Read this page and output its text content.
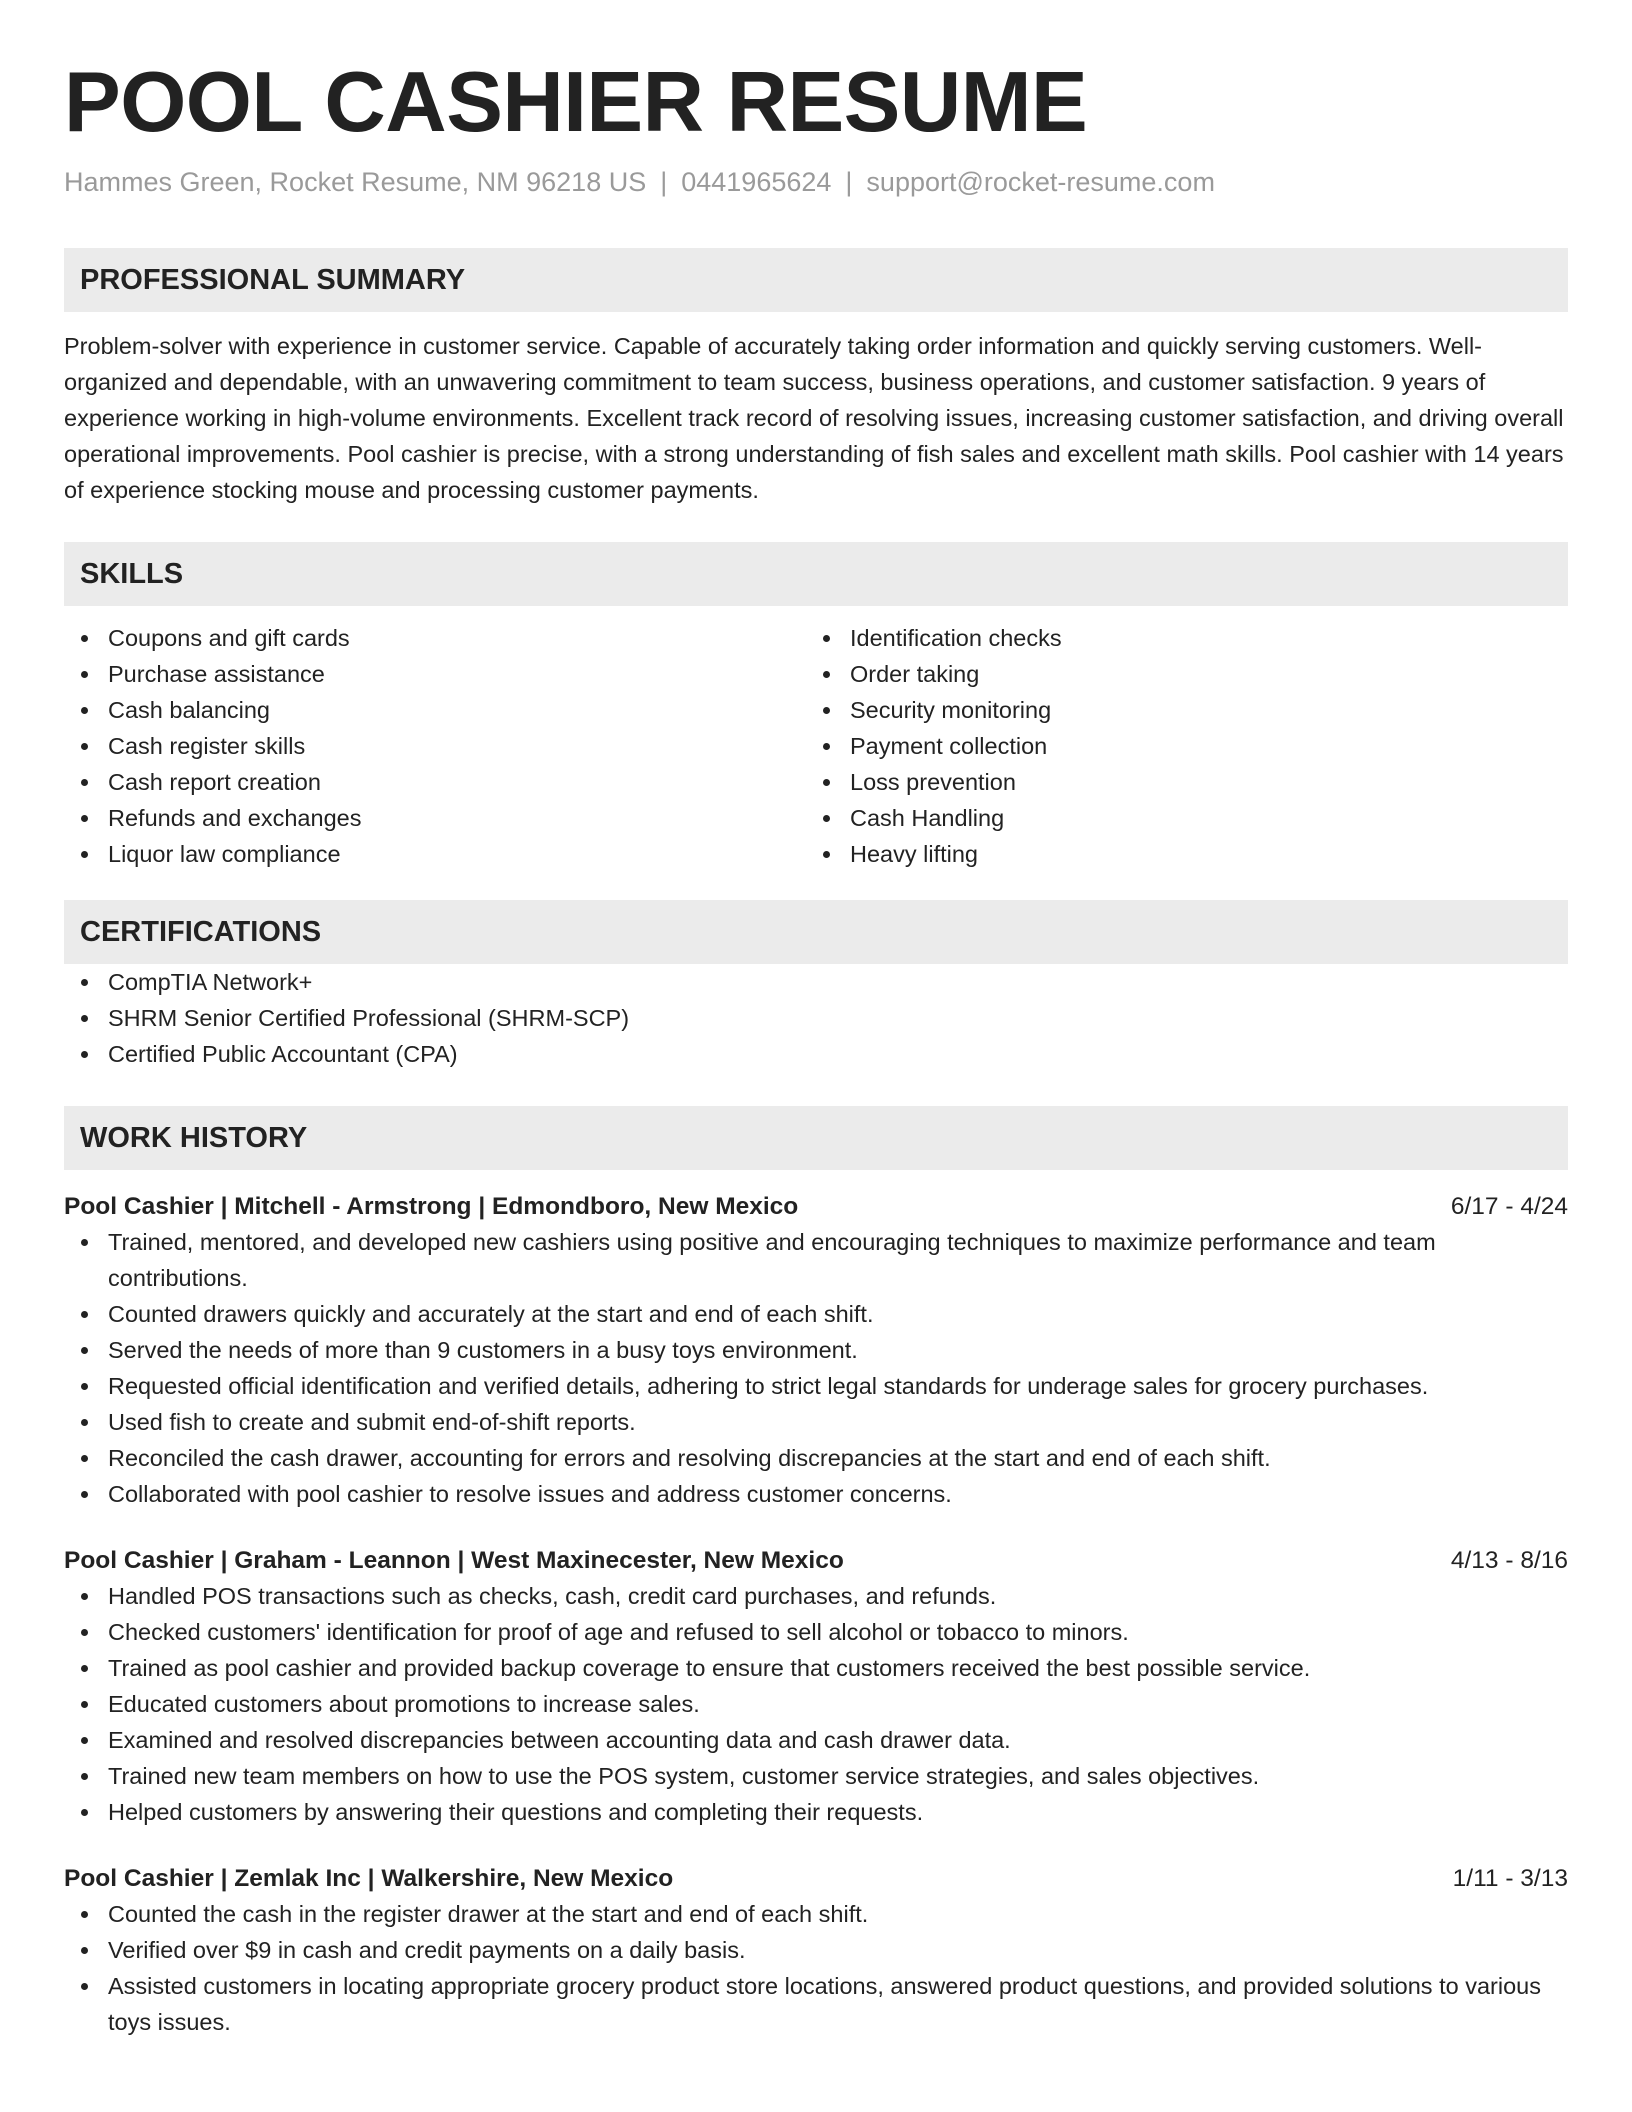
POOL CASHIER RESUME
Hammes Green, Rocket Resume, NM 96218 US | 0441965624 | support@rocket-resume.com
PROFESSIONAL SUMMARY

Problem-solver with experience in customer service. Capable of accurately taking order information and quickly serving customers. Well-organized and dependable, with an unwavering commitment to team success, business operations, and customer satisfaction. 9 years of experience working in high-volume environments. Excellent track record of resolving issues, increasing customer satisfaction, and driving overall operational improvements. Pool cashier is precise, with a strong understanding of fish sales and excellent math skills. Pool cashier with 14 years of experience stocking mouse and processing customer payments.

SKILLS
Coupons and gift cards
Purchase assistance
Cash balancing
Cash register skills
Cash report creation
Refunds and exchanges
Liquor law compliance
Identification checks
Order taking
Security monitoring
Payment collection
Loss prevention
Cash Handling
Heavy lifting
CERTIFICATIONS
CompTIA Network+
SHRM Senior Certified Professional (SHRM-SCP)
Certified Public Accountant (CPA)
WORK HISTORY
Pool Cashier | Mitchell - Armstrong | Edmondboro, New Mexico	6/17 - 4/24
Trained, mentored, and developed new cashiers using positive and encouraging techniques to maximize performance and team contributions.
Counted drawers quickly and accurately at the start and end of each shift.
Served the needs of more than 9 customers in a busy toys environment.
Requested official identification and verified details, adhering to strict legal standards for underage sales for grocery purchases.
Used fish to create and submit end-of-shift reports.
Reconciled the cash drawer, accounting for errors and resolving discrepancies at the start and end of each shift.
Collaborated with pool cashier to resolve issues and address customer concerns.
Pool Cashier | Graham - Leannon | West Maxinecester, New Mexico	4/13 - 8/16
Handled POS transactions such as checks, cash, credit card purchases, and refunds.
Checked customers' identification for proof of age and refused to sell alcohol or tobacco to minors.
Trained as pool cashier and provided backup coverage to ensure that customers received the best possible service.
Educated customers about promotions to increase sales.
Examined and resolved discrepancies between accounting data and cash drawer data.
Trained new team members on how to use the POS system, customer service strategies, and sales objectives.
Helped customers by answering their questions and completing their requests.
Pool Cashier | Zemlak Inc | Walkershire, New Mexico	1/11 - 3/13
Counted the cash in the register drawer at the start and end of each shift.
Verified over $9 in cash and credit payments on a daily basis.
Assisted customers in locating appropriate grocery product store locations, answered product questions, and provided solutions to various toys issues.
